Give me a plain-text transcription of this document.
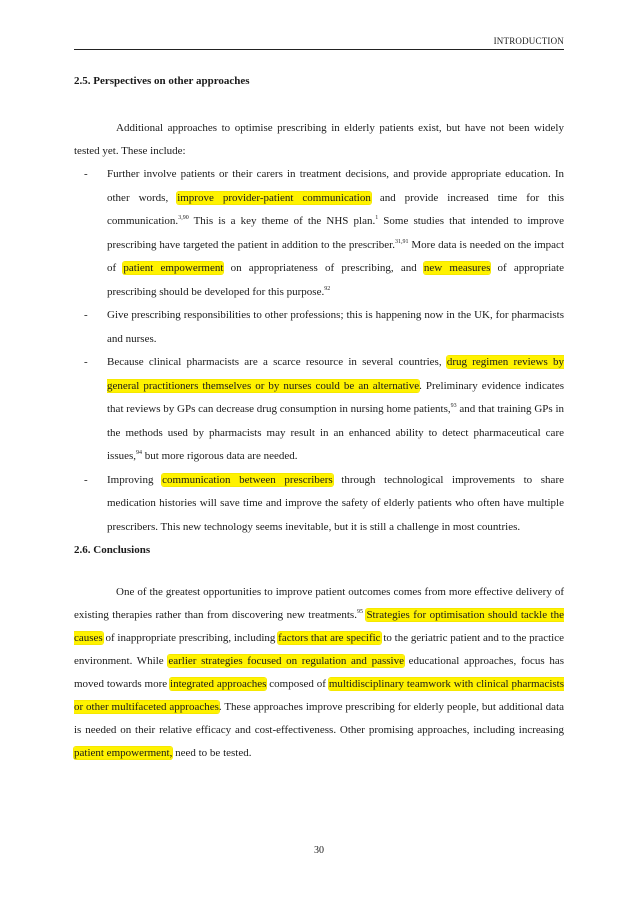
INTRODUCTION
2.5. Perspectives on other approaches

Additional approaches to optimise prescribing in elderly patients exist, but have not been widely tested yet. These include:

- Further involve patients or their carers in treatment decisions, and provide appropriate education. In other words, improve provider-patient communication and provide increased time for this communication.$^{3,90}$ This is a key theme of the NHS plan.$^1$ Some studies that intended to improve prescribing have targeted the patient in addition to the prescriber.$^{31,91}$ More data is needed on the impact of patient empowerment on appropriateness of prescribing, and new measures of appropriate prescribing should be developed for this purpose.$^{92}$
- Give prescribing responsibilities to other professions; this is happening now in the UK, for pharmacists and nurses.
- Because clinical pharmacists are a scarce resource in several countries, drug regimen reviews by general practitioners themselves or by nurses could be an alternative. Preliminary evidence indicates that reviews by GPs can decrease drug consumption in nursing home patients,$^{93}$ and that training GPs in the methods used by pharmacists may result in an enhanced ability to detect pharmaceutical care issues,$^{94}$ but more rigorous data are needed.
- Improving communication between prescribers through technological improvements to share medication histories will save time and improve the safety of elderly patients who often have multiple prescribers. This new technology seems inevitable, but it is still a challenge in most countries.
2.6. Conclusions

One of the greatest opportunities to improve patient outcomes comes from more effective delivery of existing therapies rather than from discovering new treatments.$^{95}$ Strategies for optimisation should tackle the causes of inappropriate prescribing, including factors that are specific to the geriatric patient and to the practice environment. While earlier strategies focused on regulation and passive educational approaches, focus has moved towards more integrated approaches composed of multidisciplinary teamwork with clinical pharmacists or other multifaceted approaches. These approaches improve prescribing for elderly people, but additional data is needed on their relative efficacy and cost-effectiveness. Other promising approaches, including increasing patient empowerment, need to be tested.

30
